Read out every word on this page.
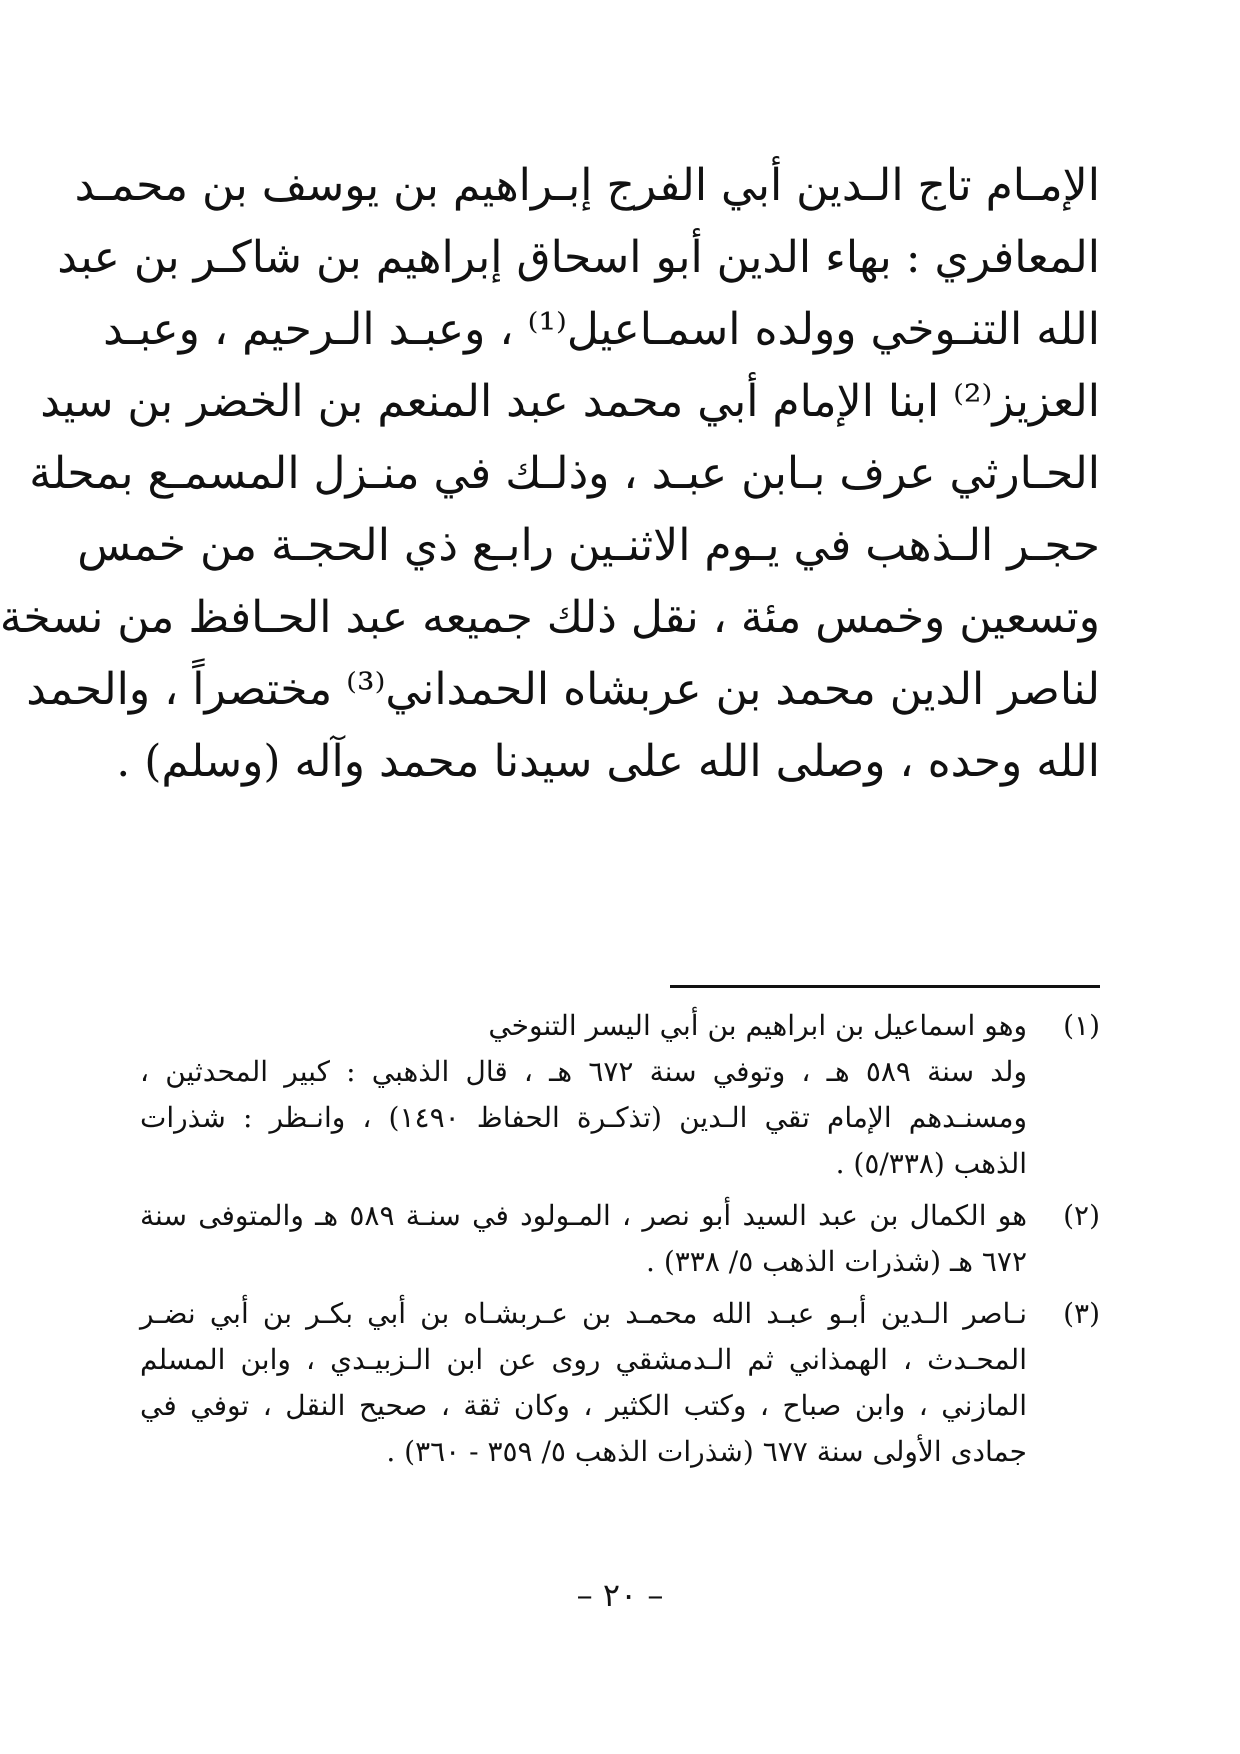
الإمـام تاج الـدين أبي الفرج إبـراهيم بن يوسف بن محمـد
المعافري : بهاء الدين أبو اسحاق إبراهيم بن شاكـر بن عبد
الله التنـوخي وولده اسمـاعيل⁽¹⁾ ، وعبـد الـرحيم ، وعبـد
العزيز⁽²⁾ ابنا الإمام أبي محمد عبد المنعم بن الخضر بن سيد
الحـارثي عرف بـابن عبـد ، وذلـك في منـزل المسمـع بمحلة
حجـر الـذهب في يـوم الاثنـين رابـع ذي الحجـة من خمس
وتسعين وخمس مئة ، نقل ذلك جميعه عبد الحـافظ من نسخة
لناصر الدين محمد بن عربشاه الحمداني⁽³⁾ مختصراً ، والحمد
الله وحده ، وصلى الله على سيدنا محمد وآله (وسلم) .
(١)
وهو اسماعيل بن ابراهيم بن أبي اليسر التنوخي
ولد سنة ٥٨٩ هـ ، وتوفي سنة ٦٧٢ هـ ، قال الذهبي : كبير المحدثين ،
ومسنـدهم الإمام تقي الـدين (تذكـرة الحفاظ ١٤٩٠) ، وانـظر : شذرات
الذهب (٥/٣٣٨) .
(٢)
هو الكمال بن عبد السيد أبو نصر ، المـولود في سنـة ٥٨٩ هـ والمتوفى سنة
٦٧٢ هـ (شذرات الذهب ٥/ ٣٣٨) .
(٣)
نـاصر الـدين أبـو عبـد الله محمـد بن عـربشـاه بن أبي بكـر بن أبي نضـر
المحـدث ، الهمذاني ثم الـدمشقي روى عن ابن الـزبيـدي ، وابن المسلم
المازني ، وابن صباح ، وكتب الكثير ، وكان ثقة ، صحيح النقل ، توفي في
جمادى الأولى سنة ٦٧٧ (شذرات الذهب ٥/ ٣٥٩ - ٣٦٠) .
– ٢٠ –
